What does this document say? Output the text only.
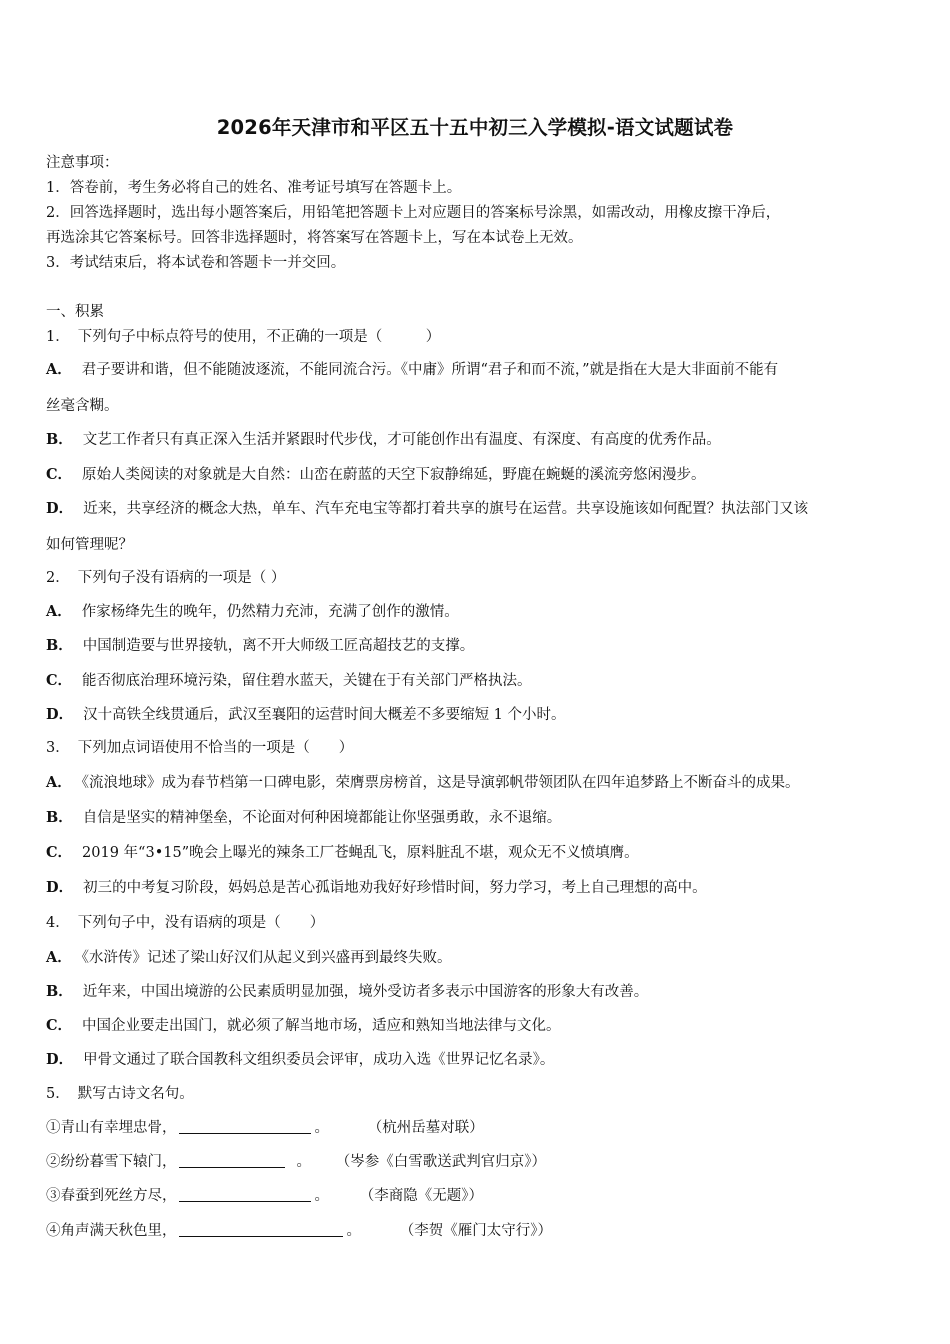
2026年天津市和平区五十五中初三入学模拟-语文试题试卷
注意事项：
1．答卷前，考生务必将自己的姓名、准考证号填写在答题卡上。
2．回答选择题时，选出每小题答案后，用铅笔把答题卡上对应题目的答案标号涂黑，如需改动，用橡皮擦干净后，
再选涂其它答案标号。回答非选择题时，将答案写在答题卡上，写在本试卷上无效。
3．考试结束后，将本试卷和答题卡一并交回。
一、积累
1． 下列句子中标点符号的使用，不正确的一项是（　　　）
A． 君子要讲和谐，但不能随波逐流，不能同流合污。《中庸》所谓“君子和而不流，”就是指在大是大非面前不能有
丝毫含糊。
B． 文艺工作者只有真正深入生活并紧跟时代步伐，才可能创作出有温度、有深度、有高度的优秀作品。
C． 原始人类阅读的对象就是大自然：山峦在蔚蓝的天空下寂静绵延，野鹿在蜿蜒的溪流旁悠闲漫步。
D． 近来，共享经济的概念大热，单车、汽车充电宝等都打着共享的旗号在运营。共享设施该如何配置？执法部门又该
如何管理呢？
2． 下列句子没有语病的一项是（ ）
A． 作家杨绛先生的晚年，仍然精力充沛，充满了创作的激情。
B． 中国制造要与世界接轨，离不开大师级工匠高超技艺的支撑。
C． 能否彻底治理环境污染，留住碧水蓝天，关键在于有关部门严格执法。
D． 汉十高铁全线贯通后，武汉至襄阳的运营时间大概差不多要缩短 1 个小时。
3． 下列加点词语使用不恰当的一项是（　　）
A． 《流浪地球》成为春节档第一口碑电影，荣膺票房榜首，这是导演郭帆带领团队在四年追梦路上不断奋斗的成果。
B． 自信是坚实的精神堡垒，不论面对何种困境都能让你坚强勇敢，永不退缩。
C． 2019 年“3•15”晚会上曝光的辣条工厂苍蝇乱飞，原料脏乱不堪，观众无不义愤填膺。
D． 初三的中考复习阶段，妈妈总是苦心孤诣地劝我好好珍惜时间，努力学习，考上自己理想的高中。
4． 下列句子中，没有语病的项是（　　）
A． 《水浒传》记述了梁山好汉们从起义到兴盛再到最终失败。
B． 近年来，中国出境游的公民素质明显加强，境外受访者多表示中国游客的形象大有改善。
C． 中国企业要走出国门，就必须了解当地市场，适应和熟知当地法律与文化。
D． 甲骨文通过了联合国教科文组织委员会评审，成功入选《世界记忆名录》。
5． 默写古诗文名句。
①青山有幸埋忠骨，	。	（杭州岳墓对联）
②纷纷暮雪下辕门，	。 （岑参《白雪歌送武判官归京》）
③春蚕到死丝方尽，	。	（李商隐《无题》）
④角声满天秋色里，	。	（李贺《雁门太守行》）
